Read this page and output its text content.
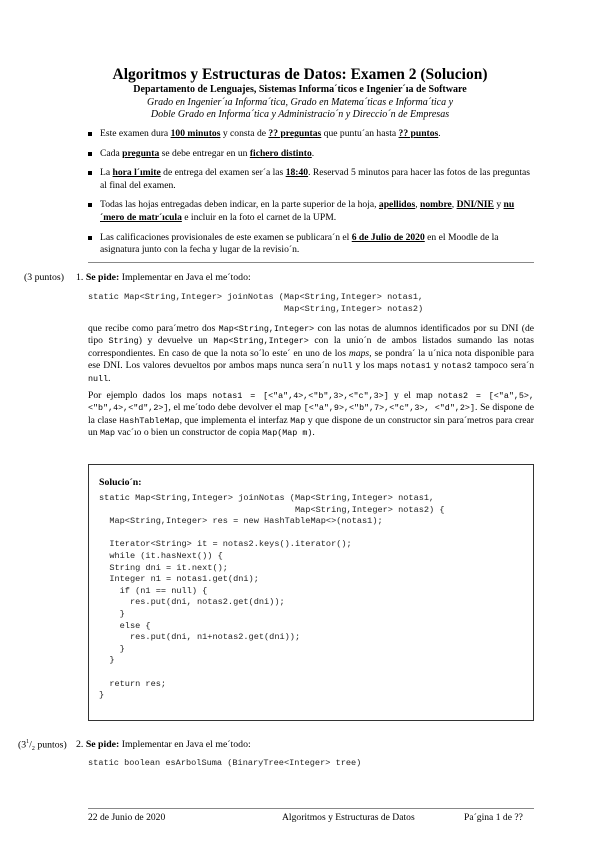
Algoritmos y Estructuras de Datos: Examen 2 (Solucion)
Departamento de Lenguajes, Sistemas Informa´ticos e Ingenier´ıa de Software
Grado en Ingenier´ıa Informa´tica, Grado en Matema´ticas e Informa´tica y
Doble Grado en Informa´tica y Administracio´n y Direccio´n de Empresas
Este examen dura 100 minutos y consta de ?? preguntas que puntu´an hasta ?? puntos.
Cada pregunta se debe entregar en un fichero distinto.
La hora l´ımite de entrega del examen ser´a las 18:40. Reservad 5 minutos para hacer las fotos de las preguntas al final del examen.
Todas las hojas entregadas deben indicar, en la parte superior de la hoja, apellidos, nombre, DNI/NIE y nu´mero de matr´ıcula e incluir en la foto el carnet de la UPM.
Las calificaciones provisionales de este examen se publicara´n el 6 de Julio de 2020 en el Moodle de la asignatura junto con la fecha y lugar de la revisio´n.
(3 puntos) 1. Se pide: Implementar en Java el me´todo:
static Map<String,Integer> joinNotas (Map<String,Integer> notas1,
Map<String,Integer> notas2)
que recibe como para´metro dos Map<String,Integer> con las notas de alumnos identificados por su DNI (de tipo String) y devuelve un Map<String,Integer> con la unio´n de ambos listados sumando las notas correspondientes. En caso de que la nota so´lo este´ en uno de los maps, se pondra´ la u´nica nota disponible para ese DNI. Los valores devueltos por ambos maps nunca sera´n null y los maps notas1 y notas2 tampoco sera´n null.
Por ejemplo dados los maps notas1 = [<"a",4>,<"b",3>,<"c",3>] y el map notas2 = [<"a",5>,<"b",4>,<"d",2>], el me´todo debe devolver el map [<"a",9>,<"b",7>,<"c",3>, <"d",2>]. Se dispone de la clase HashTableMap, que implementa el interfaz Map y que dispone de un constructor sin para´metros para crear un Map vac´ıo o bien un constructor de copia Map(Map m).
Solucio´n:
static Map<String,Integer> joinNotas (Map<String,Integer> notas1,
Map<String,Integer> notas2) {
Map<String,Integer> res = new HashTableMap<>(notas1);

Iterator<String> it = notas2.keys().iterator();
while (it.hasNext()) {
String dni = it.next();
Integer n1 = notas1.get(dni);
if (n1 == null) {
res.put(dni, notas2.get(dni));
}
else {
res.put(dni, n1+notas2.get(dni));
}
}

return res;
}
($3^1/_2$ puntos) 2. Se pide: Implementar en Java el me´todo:
static boolean esArbolSuma (BinaryTree<Integer> tree)
22 de Junio de 2020	Algoritmos y Estructuras de Datos	Pa´gina 1 de ??
